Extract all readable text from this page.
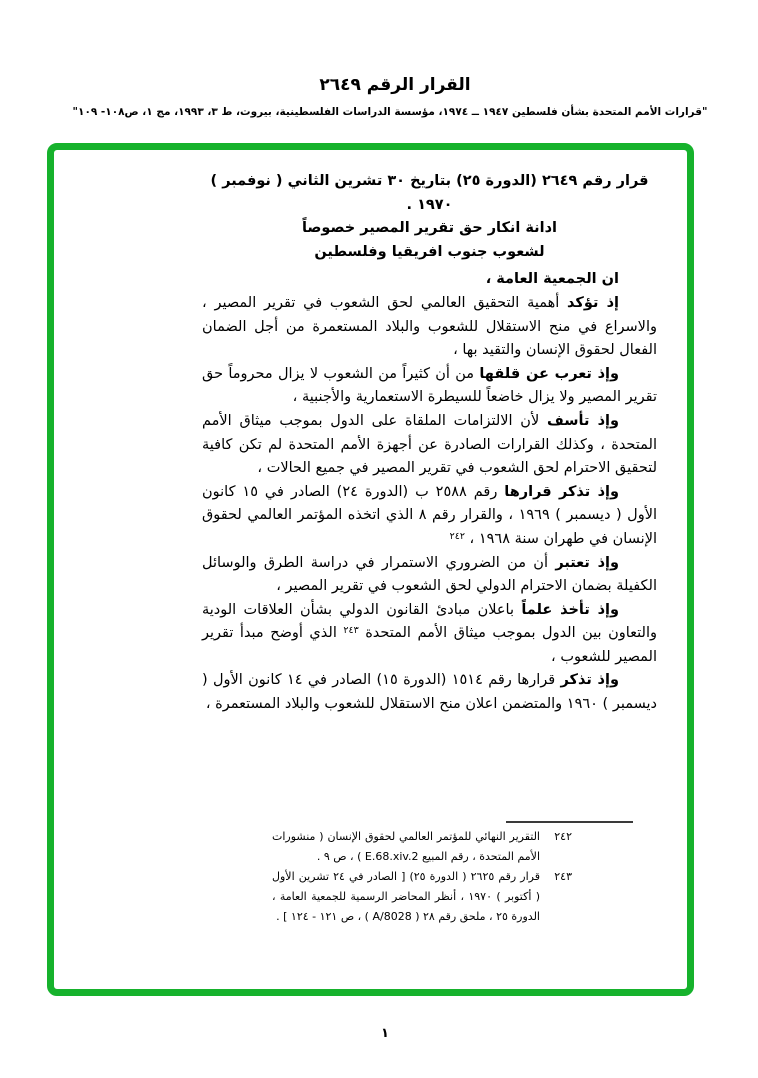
القرار الرقم ٢٦٤٩
"قرارات الأمم المتحدة بشأن فلسطين ١٩٤٧ ــ ١٩٧٤، مؤسسة الدراسات الفلسطينية، بيروت، ط ٣، ١٩٩٣، مج ١، ص١٠٨- ١٠٩"

قرار رقم ٢٦٤٩ (الدورة ٢٥) بتاريخ ٣٠ تشرين الثاني ( نوفمبر )
١٩٧٠ .

ادانة انكار حق تقرير المصير خصوصاً
لشعوب جنوب افريقيا وفلسطين

ان الجمعية العامة ،

إذ تؤكد أهمية التحقيق العالمي لحق الشعوب في تقرير المصير ، والاسراع في منح الاستقلال للشعوب والبلاد المستعمرة من أجل الضمان الفعال لحقوق الإنسان والتقيد بها ،

وإذ تعرب عن قلقها من أن كثيراً من الشعوب لا يزال محروماً حق تقرير المصير ولا يزال خاضعاً للسيطرة الاستعمارية والأجنبية ،

وإذ تأسف لأن الالتزامات الملقاة على الدول بموجب ميثاق الأمم المتحدة ، وكذلك القرارات الصادرة عن أجهزة الأمم المتحدة لم تكن كافية لتحقيق الاحترام لحق الشعوب في تقرير المصير في جميع الحالات ،

وإذ تذكر قرارها رقم ٢٥٨٨ ب (الدورة ٢٤) الصادر في ١٥ كانون الأول ( ديسمبر ) ١٩٦٩ ، والقرار رقم ٨ الذي اتخذه المؤتمر العالمي لحقوق الإنسان في طهران سنة ١٩٦٨ ، $^{٢٤٢}$

وإذ تعتبر أن من الضروري الاستمرار في دراسة الطرق والوسائل الكفيلة بضمان الاحترام الدولي لحق الشعوب في تقرير المصير ،

وإذ تأخذ علماً باعلان مبادئ القانون الدولي بشأن العلاقات الودية والتعاون بين الدول بموجب ميثاق الأمم المتحدة $^{٢٤٣}$ الذي أوضح مبدأ تقرير المصير للشعوب ،

وإذ تذكر قرارها رقم ١٥١٤ (الدورة ١٥) الصادر في ١٤ كانون الأول ( ديسمبر ) ١٩٦٠ والمتضمن اعلان منح الاستقلال للشعوب والبلاد المستعمرة ،

٢٤٢
التقرير النهائي للمؤتمر العالمي لحقوق الإنسان ( منشورات الأمم المتحدة ، رقم المبيع E.68.xiv.2 ) ، ص ٩ .
٢٤٣
قرار رقم ٢٦٢٥ ( الدورة ٢٥) [ الصادر في ٢٤ تشرين الأول ( أكتوبر ) ١٩٧٠ ، أنظر المحاضر الرسمية للجمعية العامة ، الدورة ٢٥ ، ملحق رقم ٢٨ ( A/8028 ) ، ص ١٢١ - ١٢٤ ] .
١
